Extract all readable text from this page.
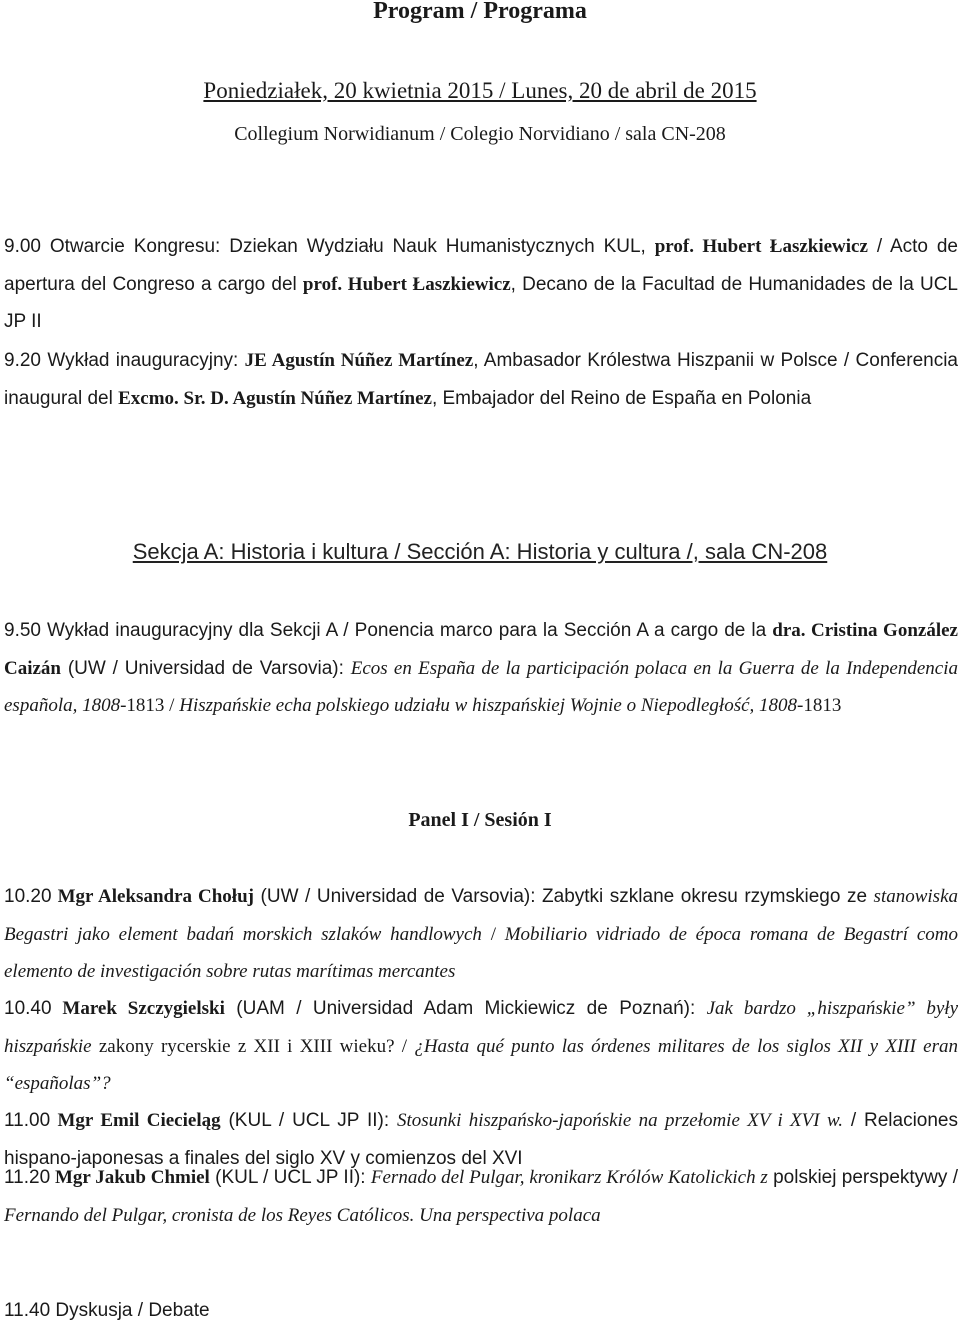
Program / Programa

Poniedziałek, 20 kwietnia 2015 / Lunes, 20 de abril de 2015

Collegium Norwidianum / Colegio Norvidiano / sala CN-208

9.00 Otwarcie Kongresu: Dziekan Wydziału Nauk Humanistycznych KUL, prof. Hubert Łaszkiewicz / Acto de apertura del Congreso a cargo del prof. Hubert Łaszkiewicz, Decano de la Facultad de Humanidades de la UCL JP II

9.20 Wykład inauguracyjny: JE Agustín Núñez Martínez, Ambasador Królestwa Hiszpanii w Polsce / Conferencia inaugural del Excmo. Sr. D. Agustín Núñez Martínez, Embajador del Reino de España en Polonia

Sekcja A: Historia i kultura / Sección A: Historia y cultura /, sala CN-208

9.50 Wykład inauguracyjny dla Sekcji A / Ponencia marco para la Sección A a cargo de la dra. Cristina González Caizán (UW / Universidad de Varsovia): Ecos en España de la participación polaca en la Guerra de la Independencia española, 1808-1813 / Hiszpańskie echa polskiego udziału w hiszpańskiej Wojnie o Niepodległość, 1808-1813

Panel I / Sesión I

10.20 Mgr Aleksandra Chołuj (UW / Universidad de Varsovia): Zabytki szklane okresu rzymskiego ze stanowiska Begastri jako element badań morskich szlaków handlowych / Mobiliario vidriado de época romana de Begastrí como elemento de investigación sobre rutas marítimas mercantes

10.40 Marek Szczygielski (UAM / Universidad Adam Mickiewicz de Poznań): Jak bardzo „hiszpańskie” były hiszpańskie zakony rycerskie z XII i XIII wieku? / ¿Hasta qué punto las órdenes militares de los siglos XII y XIII eran “españolas”?

11.00 Mgr Emil Ciecieląg (KUL / UCL JP II): Stosunki hiszpańsko-japońskie na przełomie XV i XVI w. / Relaciones hispano-japonesas a finales del siglo XV y comienzos del XVI

11.20 Mgr Jakub Chmiel (KUL / UCL JP II): Fernado del Pulgar, kronikarz Królów Katolickich z polskiej perspektywy / Fernando del Pulgar, cronista de los Reyes Católicos. Una perspectiva polaca

11.40 Dyskusja / Debate
